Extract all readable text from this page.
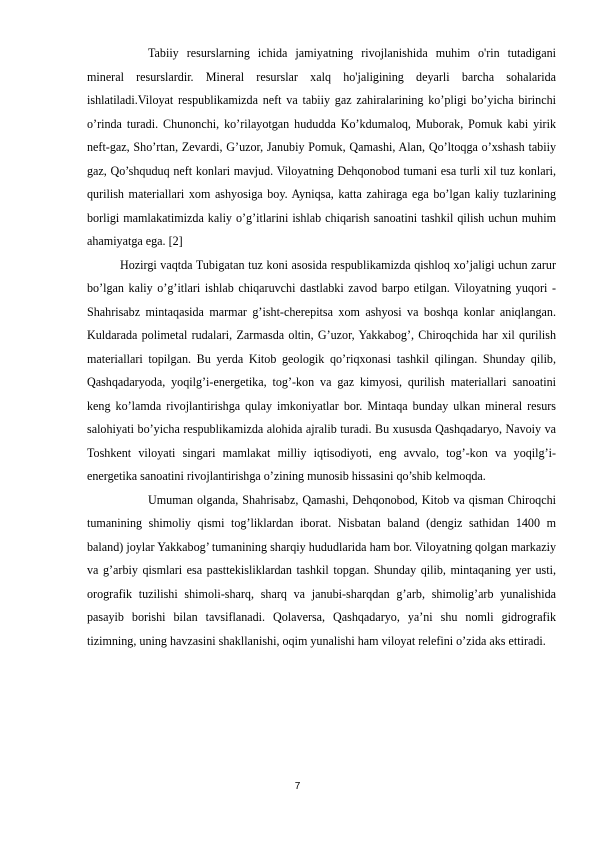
Tabiiy resurslarning ichida jamiyatning rivojlanishida muhim o'rin tutadigani mineral resurslardir. Mineral resurslar xalq ho'jaligining deyarli barcha sohalarida ishlatiladi.Viloyat respublikamizda neft va tabiiy gaz zahiralarining ko’pligi bo’yicha birinchi o’rinda turadi. Chunonchi, ko’rilayotgan hududda Ko’kdumaloq, Muborak, Pomuk kabi yirik neft-gaz, Sho’rtan, Zevardi, G’uzor, Janubiy Pomuk, Qamashi, Alan, Qo’ltoqga o’xshash tabiiy gaz, Qo’shquduq neft konlari mavjud. Viloyatning Dehqonobod tumani esa turli xil tuz konlari, qurilish materiallari xom ashyosiga boy. Ayniqsa, katta zahiraga ega bo’lgan kaliy tuzlarining borligi mamlakatimizda kaliy o’g’itlarini ishlab chiqarish sanoatini tashkil qilish uchun muhim ahamiyatga ega. [2]

Hozirgi vaqtda Tubigatan tuz koni asosida respublikamizda qishloq xo’jaligi uchun zarur bo’lgan kaliy o’g’itlari ishlab chiqaruvchi dastlabki zavod barpo etilgan. Viloyatning yuqori - Shahrisabz mintaqasida marmar g’isht-cherepitsa xom ashyosi va boshqa konlar aniqlangan. Kuldarada polimetal rudalari, Zarmasda oltin, G’uzor, Yakkabog’, Chiroqchida har xil qurilish materiallari topilgan. Bu yerda Kitob geologik qo’riqxonasi tashkil qilingan. Shunday qilib, Qashqadaryoda, yoqilg’i-energetika, tog’-kon va gaz kimyosi, qurilish materiallari sanoatini keng ko’lamda rivojlantirishga qulay imkoniyatlar bor. Mintaqa bunday ulkan mineral resurs salohiyati bo’yicha respublikamizda alohida ajralib turadi. Bu xususda Qashqadaryo, Navoiy va Toshkent viloyati singari mamlakat milliy iqtisodiyoti, eng avvalo, tog’-kon va yoqilg’i-energetika sanoatini rivojlantirishga o’zining munosib hissasini qo’shib kelmoqda.

Umuman olganda, Shahrisabz, Qamashi, Dehqonobod, Kitob va qisman Chiroqchi tumanining shimoliy qismi tog’liklardan iborat. Nisbatan baland (dengiz sathidan 1400 m baland) joylar Yakkabog’ tumanining sharqiy hududlarida ham bor. Viloyatning qolgan markaziy va g’arbiy qismlari esa pasttekisliklardan tashkil topgan. Shunday qilib, mintaqaning yer usti, orografik tuzilishi shimoli-sharq, sharq va janubi-sharqdan g’arb, shimolig’arb yunalishida pasayib borishi bilan tavsiflanadi. Qolaversa, Qashqadaryo, ya’ni shu nomli gidrografik tizimning, uning havzasini shakllanishi, oqim yunalishi ham viloyat relefini o’zida aks ettiradi.

7
